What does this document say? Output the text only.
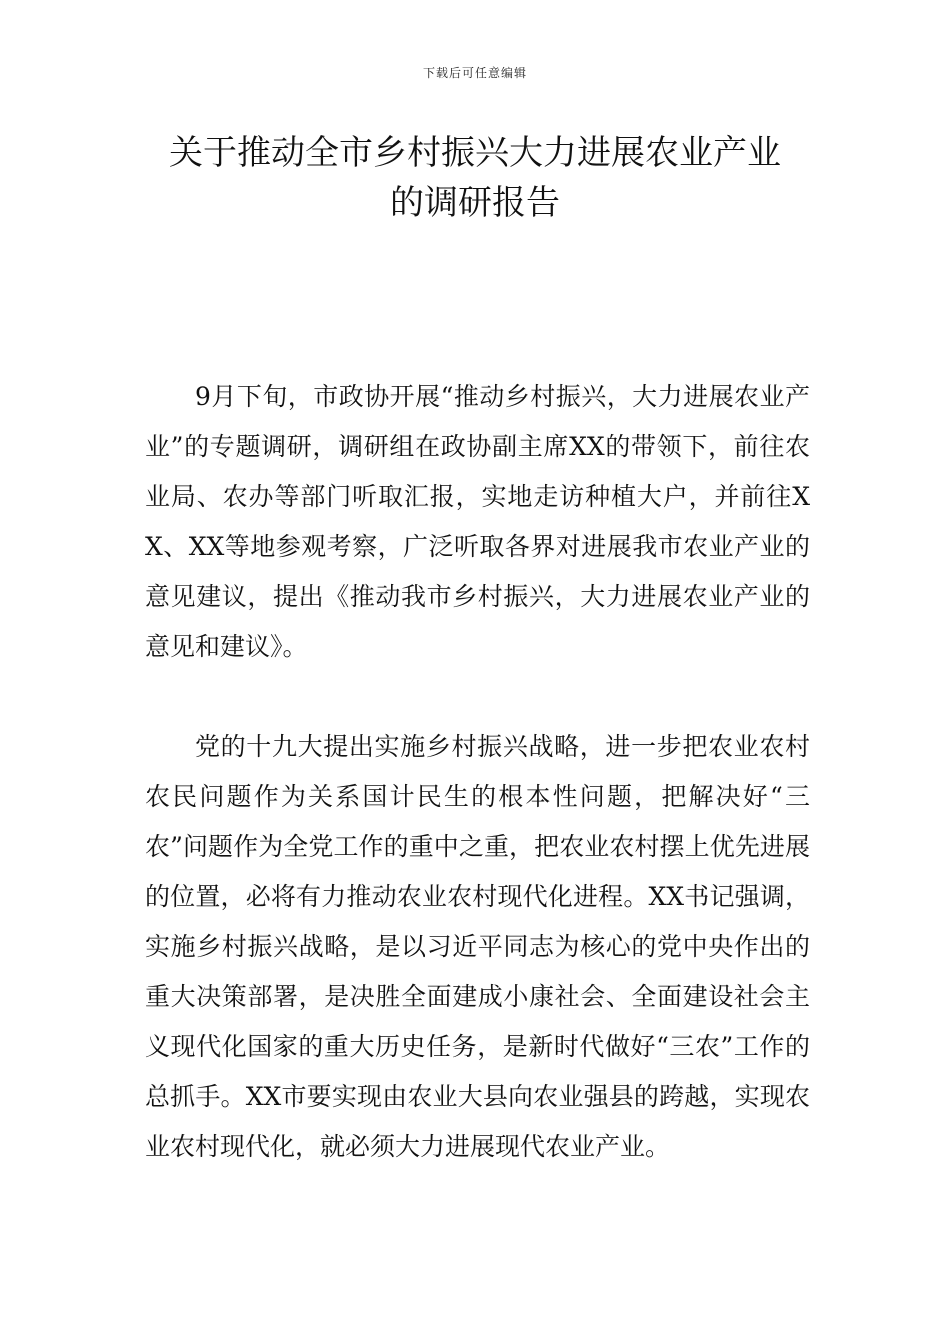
下载后可任意编辑
关于推动全市乡村振兴大力进展农业产业
的调研报告

9月下旬，市政协开展“推动乡村振兴，大力进展农业产业”的专题调研，调研组在政协副主席XX的带领下，前往农业局、农办等部门听取汇报，实地走访种植大户，并前往XX、XX等地参观考察，广泛听取各界对进展我市农业产业的意见建议，提出《推动我市乡村振兴，大力进展农业产业的意见和建议》。

党的十九大提出实施乡村振兴战略，进一步把农业农村农民问题作为关系国计民生的根本性问题，把解决好“三农”问题作为全党工作的重中之重，把农业农村摆上优先进展的位置，必将有力推动农业农村现代化进程。XX书记强调，实施乡村振兴战略，是以习近平同志为核心的党中央作出的重大决策部署，是决胜全面建成小康社会、全面建设社会主义现代化国家的重大历史任务，是新时代做好“三农”工作的总抓手。XX市要实现由农业大县向农业强县的跨越，实现农业农村现代化，就必须大力进展现代农业产业。
